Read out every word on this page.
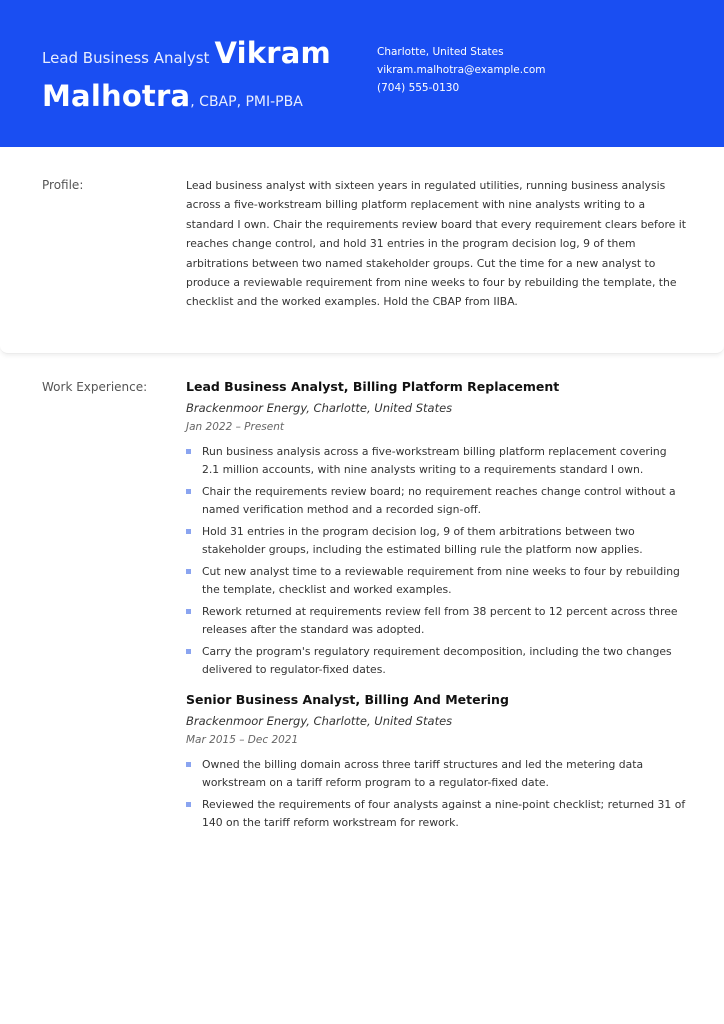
Lead Business Analyst Vikram
Malhotra, CBAP, PMI-PBA
Charlotte, United States
vikram.malhotra@example.com
(704) 555-0130
Profile:	Lead business analyst with sixteen years in regulated utilities, running business analysis across a five-workstream billing platform replacement with nine analysts writing to a standard I own. Chair the requirements review board that every requirement clears before it reaches change control, and hold 31 entries in the program decision log, 9 of them arbitrations between two named stakeholder groups. Cut the time for a new analyst to produce a reviewable requirement from nine weeks to four by rebuilding the template, the checklist and the worked examples. Hold the CBAP from IIBA.
Work Experience:	Lead Business Analyst, Billing Platform Replacement
Brackenmoor Energy, Charlotte, United States
Jan 2022 – Present
Run business analysis across a five-workstream billing platform replacement covering 2.1 million accounts, with nine analysts writing to a requirements standard I own.
Chair the requirements review board; no requirement reaches change control without a named verification method and a recorded sign-off.
Hold 31 entries in the program decision log, 9 of them arbitrations between two stakeholder groups, including the estimated billing rule the platform now applies.
Cut new analyst time to a reviewable requirement from nine weeks to four by rebuilding the template, checklist and worked examples.
Rework returned at requirements review fell from 38 percent to 12 percent across three releases after the standard was adopted.
Carry the program's regulatory requirement decomposition, including the two changes delivered to regulator-fixed dates.
Senior Business Analyst, Billing And Metering
Brackenmoor Energy, Charlotte, United States
Mar 2015 – Dec 2021
Owned the billing domain across three tariff structures and led the metering data workstream on a tariff reform program to a regulator-fixed date.
Reviewed the requirements of four analysts against a nine-point checklist; returned 31 of 140 on the tariff reform workstream for rework.
